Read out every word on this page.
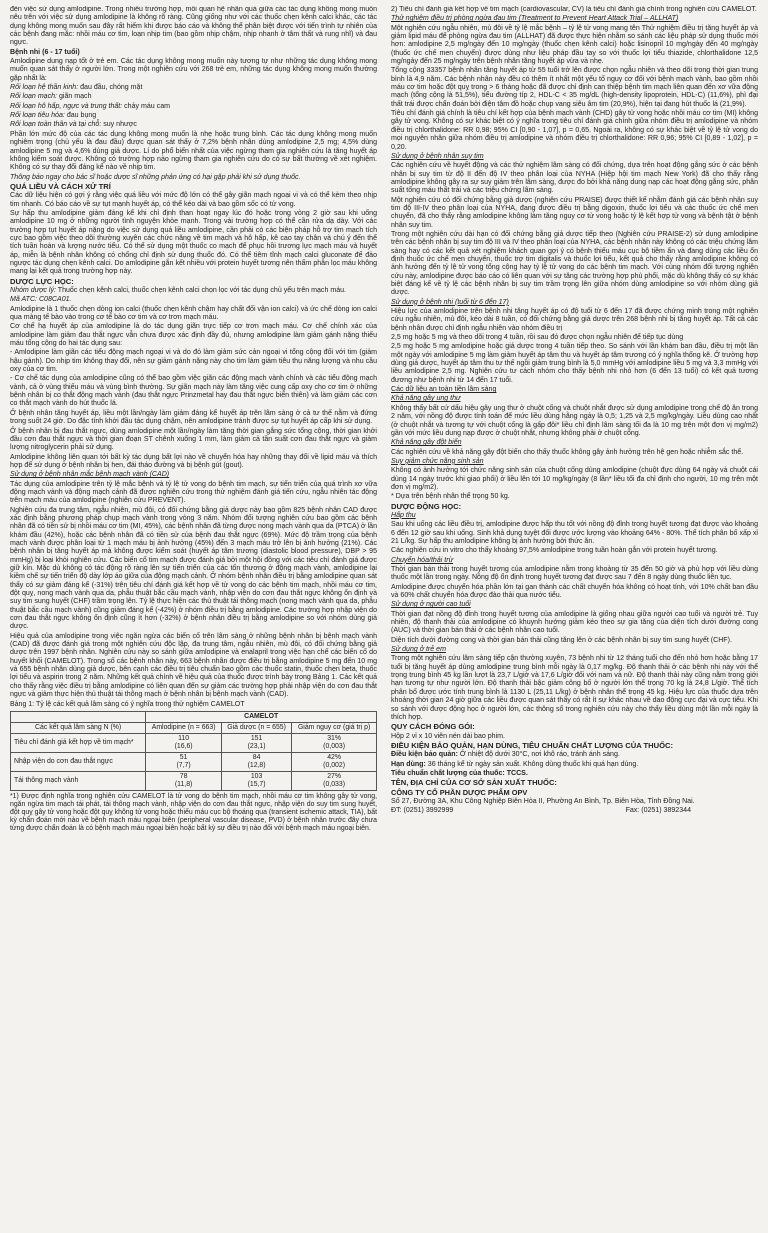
đến việc sử dụng amlodipine. Trong nhiều trường hợp, mối quan hệ nhân quả giữa các tác dụng không mong muốn nêu trên với việc sử dụng amlodipine là không rõ ràng. Cũng giống như với các thuốc chẹn kênh calci khác, các tác dụng không mong muốn sau đây rất hiếm khi được báo cáo và không thể phân biệt được với tiến trình tự nhiên của các bệnh đang mắc: nhồi máu cơ tim, loạn nhịp tim (bao gồm nhịp chậm, nhịp nhanh ở tâm thất và rung nhĩ) và đau ngực.

Bệnh nhi (6 - 17 tuổi)

Amlodipine dung nạp tốt ở trẻ em. Các tác dụng không mong muốn này tương tự như những tác dụng không mong muốn quan sát thấy ở người lớn. Trong một nghiên cứu với 268 trẻ em, những tác dụng không mong muốn thường gặp nhất là:

Rối loạn hệ thần kinh: đau đầu, chóng mặt

Rối loạn mạch: giãn mạch

Rối loạn hô hấp, ngực và trung thất: chảy máu cam

Rối loạn tiêu hóa: đau bụng

Rối loạn toàn thân và tại chỗ: suy nhược

Phần lớn mức độ của các tác dụng không mong muốn là nhẹ hoặc trung bình. Các tác dụng không mong muốn nghiêm trọng (chủ yếu là đau đầu) được quan sát thấy ở 7,2% bệnh nhân dùng amlodipine 2,5 mg; 4,5% dùng amlodipine 5 mg và 4,6% dùng giả dược. Lí do phổ biến nhất của việc ngừng tham gia nghiên cứu là tăng huyết áp không kiểm soát được. Không có trường hợp nào ngừng tham gia nghiên cứu do có sự bất thường về xét nghiệm. Không có sự thay đổi đáng kể nào về nhịp tim.

Thông báo ngay cho bác sĩ hoặc dược sĩ những phản ứng có hại gặp phải khi sử dụng thuốc.

QUÁ LIỀU VÀ CÁCH XỬ TRÍ

Các dữ liệu hiện có gợi ý rằng việc quá liều với mức độ lớn có thể gây giãn mạch ngoại vi và có thể kèm theo nhịp tim nhanh. Có báo cáo về sự tụt mạnh huyết áp, có thể kéo dài và bao gồm sốc có tử vong.

Sự hấp thu amlodipine giảm đáng kể khi chỉ định than hoạt ngay lúc đó hoặc trong vòng 2 giờ sau khi uống amlodipine 10 mg ở những người tình nguyện khỏe mạnh. Trong vài trường hợp có thể cần rửa dạ dày. Với các trường hợp tụt huyết áp nặng do việc sử dụng quá liều amlodipine, cần phải có các biện pháp hỗ trợ tim mạch tích cực bao gồm việc theo dõi thường xuyên các chức năng về tim mạch và hô hấp, kê cao tay chân và chú ý đến thể tích tuần hoàn và lượng nước tiểu. Có thể sử dụng một thuốc co mạch để phục hồi trương lực mạch máu và huyết áp, miễn là bệnh nhân không có chống chỉ định sử dụng thuốc đó. Có thể tiêm tĩnh mạch calci gluconate để đảo ngược tác dụng chẹn kênh calci. Do amlodipine gắn kết nhiều với protein huyết tương nên thẩm phân lọc máu không mang lại kết quả trong trường hợp này.

DƯỢC LỰC HỌC:

Nhóm dược lý: Thuốc chẹn kênh calci, thuốc chẹn kênh calci chọn lọc với tác dụng chủ yếu trên mạch máu.

Mã ATC: C08CA01.

Amlodipine là 1 thuốc chẹn dòng ion calci (thuốc chẹn kênh chậm hay chất đối vận ion calci) và ức chế dòng ion calci qua màng tế bào vào trong cơ tế bào cơ tim và cơ trơn mạch máu.

Cơ chế hạ huyết áp của amlodipine là do tác dụng giãn trực tiếp cơ trơn mạch máu. Cơ chế chính xác của amlodipine làm giảm đau thắt ngực vẫn chưa được xác định đầy đủ, nhưng amlodipine làm giảm gánh nặng thiếu máu tổng cộng do hai tác dụng sau:

- Amlodipine làm giãn các tiểu động mạch ngoại vi và do đó làm giảm sức cản ngoại vi tổng cộng đối với tim (giảm hậu gánh). Do nhịp tim không thay đổi, nên sự giảm gánh nặng này cho tim làm giảm tiêu thụ năng lượng và nhu cầu oxy của cơ tim.

- Cơ chế tác dụng của amlodipine cũng có thể bao gồm việc giãn các động mạch vành chính và các tiểu động mạch vành, cả ở vùng thiếu máu và vùng bình thường. Sự giãn mạch này làm tăng việc cung cấp oxy cho cơ tim ở những bệnh nhân bị co thắt động mạch vành (đau thắt ngực Prinzmetal hay đau thắt ngực biến thiên) và làm giảm các cơn co thắt mạch vành do hút thuốc lá.

Ở bệnh nhân tăng huyết áp, liều một lần/ngày làm giảm đáng kể huyết áp trên lâm sàng ở cả tư thế nằm và đứng trong suốt 24 giờ. Do đặc tính khởi đầu tác dụng chậm, nên amlodipine tránh được sự tụt huyết áp cấp khi sử dụng.

Ở bệnh nhân bị đau thắt ngực, dùng amlodipine một lần/ngày làm tăng thời gian gắng sức tổng cộng, thời gian khởi đầu cơn đau thắt ngực và thời gian đoạn ST chênh xuống 1 mm, làm giảm cả tần suất cơn đau thắt ngực và giảm lượng nitroglycerin phải sử dụng.

Amlodipine không liên quan tới bất kỳ tác dụng bất lợi nào về chuyển hóa hay những thay đổi về lipid máu và thích hợp để sử dụng ở bệnh nhân bị hen, đái tháo đường và bị bệnh gút (gout).

Sử dụng ở bệnh nhân mắc bệnh mạch vành (CAD)

Tác dụng của amlodipine trên tỷ lệ mắc bệnh và tỷ lệ tử vong do bệnh tim mạch, sự tiến triển của quá trình xơ vữa động mạch vành và động mạch cảnh đã được nghiên cứu trong thử nghiệm đánh giá tiến cứu, ngẫu nhiên tác động trên mạch máu của amlodipine (nghiên cứu PREVENT).

Nghiên cứu đa trung tâm, ngẫu nhiên, mù đôi, có đối chứng bằng giả dược này bao gồm 825 bệnh nhân CAD được xác định bằng phương pháp chụp mạch vành trong vòng 3 năm. Nhóm đối tượng nghiên cứu bao gồm các bệnh nhân đã có tiền sử bị nhồi máu cơ tim (MI, 45%), các bệnh nhân đã từng được nong mạch vành qua da (PTCA) ở lần khám đầu (42%), hoặc các bệnh nhân đã có tiền sử của bệnh đau thắt ngực (69%). Mức độ trầm trọng của bệnh mạch vành được phân loại từ 1 mạch máu bị ảnh hưởng (45%) đến 3 mạch máu trở lên bị ảnh hưởng (21%). Các bệnh nhân bị tăng huyết áp mà không được kiểm soát (huyết áp tâm trương (diastolic blood pressure), DBP > 95 mmHg) bị loại khỏi nghiên cứu. Các biến cố tim mạch được đánh giá bởi một hội đồng với các tiêu chí đánh giá được giữ kín. Mặc dù không có tác động rõ ràng lên sự tiến triển của các tổn thương ở động mạch vành, amlodipine lại kiềm chế sự tiến triển độ dày lớp áo giữa của động mạch cảnh. Ở nhóm bệnh nhân điều trị bằng amlodipine quan sát thấy có sự giảm đáng kể (-31%) trên tiêu chí đánh giá kết hợp về tử vong do các bệnh tim mạch, nhồi máu cơ tim, đột quỵ, nong mạch vành qua da, phẫu thuật bắc cầu mạch vành, nhập viện do cơn đau thắt ngực không ổn định và suy tim sung huyết (CHF) trầm trọng lên. Tỷ lệ thực hiện các thủ thuật tái thông mạch (nong mạch vành qua da, phẫu thuật bắc cầu mạch vành) cũng giảm đáng kể (-42%) ở nhóm điều trị bằng amlodipine. Các trường hợp nhập viện do cơn đau thắt ngực không ổn định cũng ít hơn (-32%) ở bệnh nhân điều trị bằng amlodipine so với nhóm dùng giả dược.

Hiệu quả của amlodipine trong việc ngăn ngừa các biến cố trên lâm sàng ở những bệnh nhân bị bệnh mạch vành (CAD) đã được đánh giá trong một nghiên cứu độc lập, đa trung tâm, ngẫu nhiên, mù đôi, có đối chứng bằng giả dược trên 1997 bệnh nhân. Nghiên cứu này so sánh giữa amlodipine và enalapril trong việc hạn chế các biến cố do huyết khối (CAMELOT). Trong số các bệnh nhân này, 663 bệnh nhân được điều trị bằng amlodipine 5 mg đến 10 mg và 655 bệnh nhân dùng giả dược, bên cạnh các điều trị tiêu chuẩn bao gồm các thuốc statin, thuốc chẹn beta, thuốc lợi tiểu và aspirin trong 2 năm. Những kết quả chính về hiệu quả của thuốc được trình bày trong Bảng 1. Các kết quả cho thấy rằng việc điều trị bằng amlodipine có liên quan đến sự giảm các trường hợp phải nhập viện do cơn đau thắt ngực và giảm thực hiện thủ thuật tái thông mạch ở bệnh nhân bị bệnh mạch vành (CAD).

Bảng 1: Tỷ lệ các kết quả lâm sàng có ý nghĩa trong thử nghiệm CAMELOT

	CAMELOT		
Các kết quả lâm sàng N (%)	Amlodipine (n = 663)	Giả dược (n = 655)	Giảm nguy cơ (giá trị p)
Tiêu chí đánh giá kết hợp về tim mạch*	110
(16,6)	151
(23,1)	31%
(0,003)
Nhập viện do cơn đau thắt ngực	51
(7,7)	84
(12,8)	42%
(0,002)
Tái thông mạch vành	78
(11,8)	103
(15,7)	27%
(0,033)

*1) Được định nghĩa trong nghiên cứu CAMELOT là tử vong do bệnh tim mạch, nhồi máu cơ tim không gây tử vong, ngăn ngừa tim mạch tái phát, tái thông mạch vành, nhập viện do cơn đau thắt ngực, nhập viện do suy tim sung huyết, đột quỵ gây tử vong hoặc đột quỵ không tử vong hoặc thiếu máu cục bộ thoáng qua (transient ischemic attack, TIA), bất kỳ chẩn đoán mới nào về bệnh mạch máu ngoại biên (peripheral vascular disease, PVD) ở bệnh nhân trước đây chưa từng được chẩn đoán là có bệnh mạch máu ngoại biên hoặc bất kỳ sự điều trị nào đối với bệnh mạch máu ngoại biên.

2) Tiêu chí đánh giá kết hợp về tim mạch (cardiovascular, CV) là tiêu chí đánh giá chính trong nghiên cứu CAMELOT.

Thử nghiệm điều trị phòng ngừa đau tim (Treatment to Prevent Heart Attack Trial – ALLHAT)

Một nghiên cứu ngẫu nhiên, mù đôi về tỷ lệ mắc bệnh – tỷ lệ tử vong mang tên Thử nghiệm điều trị tăng huyết áp và giảm lipid máu để phòng ngừa đau tim (ALLHAT) đã được thực hiện nhằm so sánh các liệu pháp sử dụng thuốc mới hơn: amlodipine 2,5 mg/ngày đến 10 mg/ngày (thuốc chẹn kênh calci) hoặc lisinopril 10 mg/ngày đến 40 mg/ngày (thuốc ức chế men chuyển) được dùng như liệu pháp đầu tay so với thuốc lợi tiểu thiazide, chlorthalidone 12,5 mg/ngày đến 25 mg/ngày trên bệnh nhân tăng huyết áp vừa và nhẹ.

Tổng cộng 33357 bệnh nhân tăng huyết áp từ 55 tuổi trở lên được chọn ngẫu nhiên và theo dõi trong thời gian trung bình là 4,9 năm. Các bệnh nhân này đều có thêm ít nhất một yếu tố nguy cơ đối với bệnh mạch vành, bao gồm nhồi máu cơ tim hoặc đột quỵ trong > 6 tháng hoặc đã được chỉ định can thiệp bệnh tim mạch liên quan đến xơ vữa động mạch (tổng cộng là 51,5%), tiểu đường típ 2, HDL-C < 35 mg/dL (high-density lipoprotein, HDL-C) (11,6%), phì đại thất trái được chẩn đoán bởi điện tâm đồ hoặc chụp vang siêu âm tim (20,9%), hiện tại đang hút thuốc lá (21,9%).

Tiêu chí đánh giá chính là tiêu chí kết hợp của bệnh mạch vành (CHD) gây tử vong hoặc nhồi máu cơ tim (MI) không gây tử vong. Không có sự khác biệt có ý nghĩa trong tiêu chí đánh giá chính giữa nhóm điều trị amlodipine và nhóm điều trị chlorthalidone: RR 0,98; 95% CI [0,90 - 1,07], p = 0,65. Ngoài ra, không có sự khác biệt về tỷ lệ tử vong do mọi nguyên nhân giữa nhóm điều trị amlodipine và nhóm điều trị chlorthalidone: RR 0,96; 95% CI [0,89 - 1,02], p = 0,20.

Sử dụng ở bệnh nhân suy tim

Các nghiên cứu về huyết động và các thử nghiệm lâm sàng có đối chứng, dựa trên hoạt động gắng sức ở các bệnh nhân bị suy tim từ độ II đến độ IV theo phân loại của NYHA (Hiệp hội tim mạch New York) đã cho thấy rằng amlodipine không gây ra sự suy giảm trên lâm sàng, được đo bởi khả năng dung nạp các hoạt động gắng sức, phân suất tống máu thất trái và các triệu chứng lâm sàng.

Một nghiên cứu có đối chứng bằng giả dược (nghiên cứu PRAISE) được thiết kế nhằm đánh giá các bệnh nhân suy tim độ III-IV theo phân loại của NYHA, đang được điều trị bằng digoxin, thuốc lợi tiểu và các thuốc ức chế men chuyển, đã cho thấy rằng amlodipine không làm tăng nguy cơ tử vong hoặc tỷ lệ kết hợp tử vong và bệnh tật ở bệnh nhân suy tim.

Trong một nghiên cứu dài hạn có đối chứng bằng giả dược tiếp theo (Nghiên cứu PRAISE-2) sử dụng amlodipine trên các bệnh nhân bị suy tim độ III và IV theo phân loại của NYHA, các bệnh nhân này không có các triệu chứng lâm sàng hay có các kết quả xét nghiệm khách quan gợi ý có bệnh thiếu máu cục bộ tiềm ẩn và đang dùng các liều ổn định thuốc ức chế men chuyển, thuốc trợ tim digitalis và thuốc lợi tiểu, kết quả cho thấy rằng amlodipine không có ảnh hưởng đến tỷ lệ tử vong tổng cộng hay tỷ lệ tử vong do các bệnh tim mạch. Với cùng nhóm đối tượng nghiên cứu này, amlodipine được báo cáo có liên quan với sự tăng các trường hợp phù phổi, mặc dù không thấy có sự khác biệt đáng kể về tỷ lệ các bệnh nhân bị suy tim trầm trọng lên giữa nhóm dùng amlodipine so với nhóm dùng giả dược.

Sử dụng ở bệnh nhi (tuổi từ 6 đến 17)

Hiệu lực của amlodipine trên bệnh nhi tăng huyết áp có độ tuổi từ 6 đến 17 đã được chứng minh trong một nghiên cứu ngẫu nhiên, mù đôi, kéo dài 8 tuần, có đối chứng bằng giả dược trên 268 bệnh nhi bị tăng huyết áp. Tất cả các bệnh nhân được chỉ định ngẫu nhiên vào nhóm điều trị

2,5 mg hoặc 5 mg và theo dõi trong 4 tuần, rồi sau đó được chọn ngẫu nhiên để tiếp tục dùng

2,5 mg hoặc 5 mg amlodipine hoặc giả dược trong 4 tuần tiếp theo. So sánh với lần khám ban đầu, điều trị một lần một ngày với amlodipine 5 mg làm giảm huyết áp tâm thu và huyết áp tâm trương có ý nghĩa thống kê. Ở trường hợp dùng giả dược, huyết áp tâm thu tư thế ngồi giảm trung bình là 5,0 mmHg với amlodipine liều 5 mg và 3,3 mmHg với liều amlodipine 2,5 mg. Nghiên cứu tư cách nhóm cho thấy bệnh nhi nhỏ hơn (6 đến 13 tuổi) có kết quả tương đương như bệnh nhi từ 14 đến 17 tuổi.

Các dữ liệu an toàn tiền lâm sàng

Khả năng gây ung thư

Không thấy bất cứ dấu hiệu gây ung thư ở chuột cống và chuột nhắt được sử dụng amlodipine trong chế độ ăn trong 2 năm, với nồng độ được tính toán để mức liều dùng hằng ngày là 0,5; 1,25 và 2,5 mg/kg/ngày. Liều dùng cao nhất (ở chuột nhắt và tương tự với chuột cống là gấp đôi* liều chỉ định lâm sàng tối đa là 10 mg trên một đơn vị mg/m2) gần với mức liều dung nạp được ở chuột nhắt, nhưng không phải ở chuột cống.

Khả năng gây đột biến

Các nghiên cứu về khả năng gây đột biến cho thấy thuốc không gây ảnh hưởng trên hệ gen hoặc nhiễm sắc thể.

Suy giảm chức năng sinh sản

Không có ảnh hưởng tới chức năng sinh sản của chuột cống dùng amlodipine (chuột đực dùng 64 ngày và chuột cái dùng 14 ngày trước khi giao phối) ở liều lên tới 10 mg/kg/ngày (8 lần* liều tối đa chỉ định cho người, 10 mg trên một đơn vị mg/m2).

* Dựa trên bệnh nhân thể trọng 50 kg.

DƯỢC ĐỘNG HỌC:

Hấp thu

Sau khi uống các liều điều trị, amlodipine được hấp thu tốt với nồng độ đỉnh trong huyết tương đạt được vào khoảng 6 đến 12 giờ sau khi uống. Sinh khả dụng tuyệt đối được ước lượng vào khoảng 64% - 80%. Thể tích phân bố xấp xỉ 21 L/kg. Sự hấp thu amlodipine không bị ảnh hưởng bởi thức ăn.

Các nghiên cứu in vitro cho thấy khoảng 97,5% amlodipine trong tuần hoàn gắn với protein huyết tương.

Chuyển hóa/thải trừ

Thời gian bán thải trong huyết tương của amlodipine nằm trong khoảng từ 35 đến 50 giờ và phù hợp với liều dùng thuốc một lần trong ngày. Nồng độ ổn định trong huyết tương đạt được sau 7 đến 8 ngày dùng thuốc liên tục.

Amlodipine được chuyển hóa phần lớn tại gan thành các chất chuyển hóa không có hoạt tính, với 10% chất ban đầu và 60% chất chuyển hóa được đào thải qua nước tiểu.

Sử dụng ở người cao tuổi

Thời gian đạt nồng độ đỉnh trong huyết tương của amlodipine là giống nhau giữa người cao tuổi và người trẻ. Tuy nhiên, độ thanh thải của amlodipine có khuynh hướng giảm kéo theo sự gia tăng của diện tích dưới đường cong (AUC) và thời gian bán thải ở các bệnh nhân cao tuổi.

Diện tích dưới đường cong và thời gian bán thải cũng tăng lên ở các bệnh nhân bị suy tim sung huyết (CHF).

Sử dụng ở trẻ em

Trong một nghiên cứu lâm sàng tiếp cận thường xuyên, 73 bệnh nhi từ 12 tháng tuổi cho đến nhỏ hơn hoặc bằng 17 tuổi bị tăng huyết áp dùng amlodipine trung bình mỗi ngày là 0,17 mg/kg. Độ thanh thải ở các bệnh nhi này với thể trọng trung bình 45 kg lần lượt là 23,7 L/giờ và 17,6 L/giờ đối với nam và nữ. Độ thanh thải này cũng nằm trong giới hạn tương tự như người lớn. Độ thanh thải bậc giảm công bố ở người lớn thể trọng 70 kg là 24,8 L/giờ. Thể tích phân bố được ước tính trung bình là 1130 L (25,11 L/kg) ở bệnh nhân thể trọng 45 kg. Hiệu lực của thuốc dựa trên khoảng thời gian 24 giờ giữa các liều được quan sát thấy có rất ít sự khác nhau về dao động cực đại và cực tiểu. Khi so sánh với được động học ở người lớn, các thông số trong nghiên cứu này cho thấy liều dùng một lần mỗi ngày là thích hợp.

QUY CÁCH ĐÓNG GÓI:

Hộp 2 vỉ x 10 viên nén dài bao phim.

ĐIỀU KIỆN BẢO QUẢN, HẠN DÙNG, TIÊU CHUẨN CHẤT LƯỢNG CỦA THUỐC:

Điều kiện bảo quản: Ở nhiệt độ dưới 30°C, nơi khô ráo, tránh ánh sáng.

Hạn dùng: 36 tháng kể từ ngày sản xuất. Không dùng thuốc khi quá hạn dùng.

Tiêu chuẩn chất lượng của thuốc: TCCS.

TÊN, ĐỊA CHỈ CỦA CƠ SỞ SẢN XUẤT THUỐC:

CÔNG TY CỔ PHẦN DƯỢC PHẨM OPV

Số 27, Đường 3A, Khu Công Nghiệp Biên Hòa II, Phường An Bình, Tp. Biên Hòa, Tỉnh Đồng Nai.

ĐT: (0251) 3992999	Fax: (0251) 3892344
